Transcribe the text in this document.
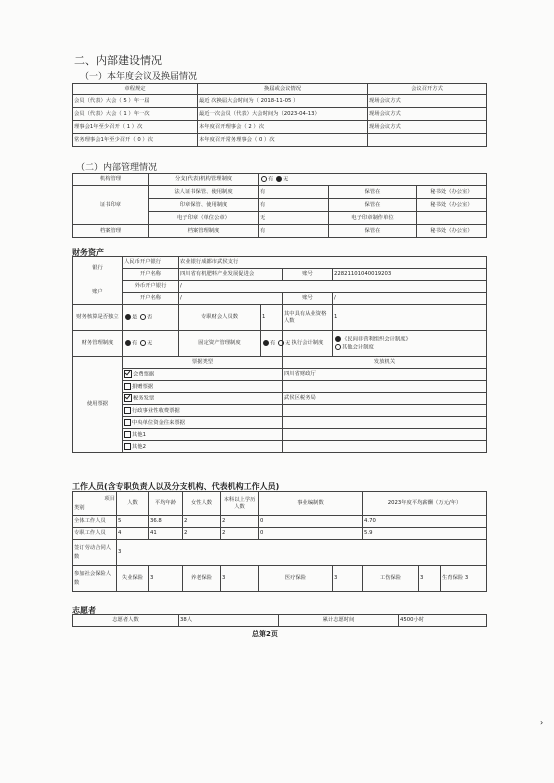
二、内部建设情况
（一）本年度会议及换届情况
章程规定	换届或会议情况	会议召开方式
会员（代表）大会（ 5 ）年一届	最近 次换届大会时间为（ 2018-11-05 ）	现场会议方式
会员（代表）大会（ 1 ）年一次	最近一次会员（代表）大会时间为（2023-04-13）	现场会议方式
理事会1年至少召开（ 1 ）次	本年度召开理事会（ 2 ）次	现场会议方式
常务理事会1年至少召开（ 0 ）次	本年度召开常务理事会（ 0 ）次	
（二）内部管理情况
机构管理	分支(代表)机构管理制度	有 无		
证书印章	法人证书保管、使用制度	有	保管在	秘书处（办公室）
	印章保管、使用制度	有	保管在	秘书处（办公室）
	电子印章（单位公章）	无	电子印章制作单位	
档案管理	档案管理制度	有	保管在	秘书处（办公室）
财务资产
银行	人民币开户银行	农业银行成都市武侯支行			
	开户名称	四川省有机肥料产业发展促进会		账号	22821101040019203
账户	外币开户银行	/			
	开户名称	/		账号	/
财务核算是否独立	是 否	专职财会人员数	1	其中具有从业资格人数	1
财务管理制度	有 无	固定资产管理制度	有 无	执行会计制度	《民间非营利组织会计制度》
其他会计制度
使用票据	票据类型			发放机关	
	会费票据			四川省财政厅	
	捐赠票据				
	税务发票			武侯区税务局	
	行政事业性收费票据				
	中央单位资金往来票据				
	其他1				
	其他2				
工作人员(含专职负责人以及分支机构、代表机构工作人员)
项目
类别	人数	平均年龄	女性人数	本科以上学历人数	事业编制数		2023年度平均薪酬（万元/年）		
全体工作人员	5	36.8	2	2	0		4.70		
专职工作人员	4	41	2	2	0		5.9		
签订劳动合同人数	3								
参加社会保险人数	失业保险	3	养老保险	3	医疗保险	3	工伤保险	3	生育保险 3
志愿者
志愿者人数	38人	累计志愿时间	4500小时
总第2页
›
